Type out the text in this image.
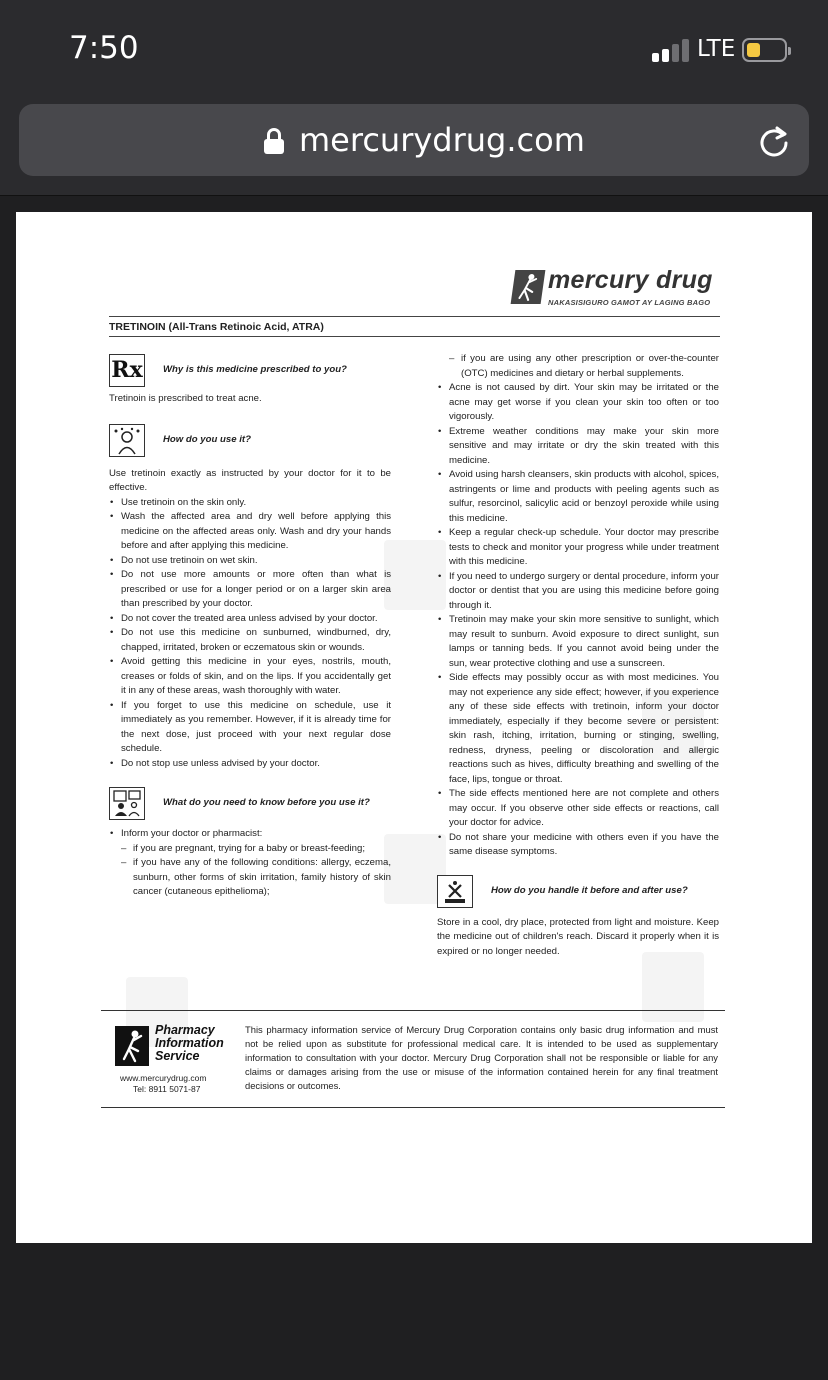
7:50	LTE
mercurydrug.com
mercury drug
NAKASISIGURO GAMOT AY LAGING BAGO
TRETINOIN (All-Trans Retinoic Acid, ATRA)
Rx Why is this medicine prescribed to you?

Tretinoin is prescribed to treat acne.

How do you use it?

Use tretinoin exactly as instructed by your doctor for it to be effective.

• Use tretinoin on the skin only.
• Wash the affected area and dry well before applying this medicine on the affected areas only. Wash and dry your hands before and after applying this medicine.
• Do not use tretinoin on wet skin.
• Do not use more amounts or more often than what is prescribed or use for a longer period or on a larger skin area than prescribed by your doctor.
• Do not cover the treated area unless advised by your doctor.
• Do not use this medicine on sunburned, windburned, dry, chapped, irritated, broken or eczematous skin or wounds.
• Avoid getting this medicine in your eyes, nostrils, mouth, creases or folds of skin, and on the lips. If you accidentally get it in any of these areas, wash thoroughly with water.
• If you forget to use this medicine on schedule, use it immediately as you remember. However, if it is already time for the next dose, just proceed with your next regular dose schedule.
• Do not stop use unless advised by your doctor.
What do you need to know before you use it?
• Inform your doctor or pharmacist:
– if you are pregnant, trying for a baby or breast-feeding;
– if you have any of the following conditions: allergy, eczema, sunburn, other forms of skin irritation, family history of skin cancer (cutaneous epithelioma);
– if you are using any other prescription or over-the-counter (OTC) medicines and dietary or herbal supplements.
• Acne is not caused by dirt. Your skin may be irritated or the acne may get worse if you clean your skin too often or too vigorously.
• Extreme weather conditions may make your skin more sensitive and may irritate or dry the skin treated with this medicine.
• Avoid using harsh cleansers, skin products with alcohol, spices, astringents or lime and products with peeling agents such as sulfur, resorcinol, salicylic acid or benzoyl peroxide while using this medicine.
• Keep a regular check-up schedule. Your doctor may prescribe tests to check and monitor your progress while under treatment with this medicine.
• If you need to undergo surgery or dental procedure, inform your doctor or dentist that you are using this medicine before going through it.
• Tretinoin may make your skin more sensitive to sunlight, which may result to sunburn. Avoid exposure to direct sunlight, sun lamps or tanning beds. If you cannot avoid being under the sun, wear protective clothing and use a sunscreen.
• Side effects may possibly occur as with most medicines. You may not experience any side effect; however, if you experience any of these side effects with tretinoin, inform your doctor immediately, especially if they become severe or persistent: skin rash, itching, irritation, burning or stinging, swelling, redness, dryness, peeling or discoloration and allergic reactions such as hives, difficulty breathing and swelling of the face, lips, tongue or throat.
• The side effects mentioned here are not complete and others may occur. If you observe other side effects or reactions, call your doctor for advice.
• Do not share your medicine with others even if you have the same disease symptoms.
How do you handle it before and after use?

Store in a cool, dry place, protected from light and moisture. Keep the medicine out of children's reach. Discard it properly when it is expired or no longer needed.

Pharmacy
Information
Service
www.mercurydrug.com
Tel: 8911 5071-87
This pharmacy information service of Mercury Drug Corporation contains only basic drug information and must not be relied upon as substitute for professional medical care. It is intended to be used as supplementary information to consultation with your doctor. Mercury Drug Corporation shall not be responsible or liable for any claims or damages arising from the use or misuse of the information contained herein for any final treatment decisions or outcomes.
